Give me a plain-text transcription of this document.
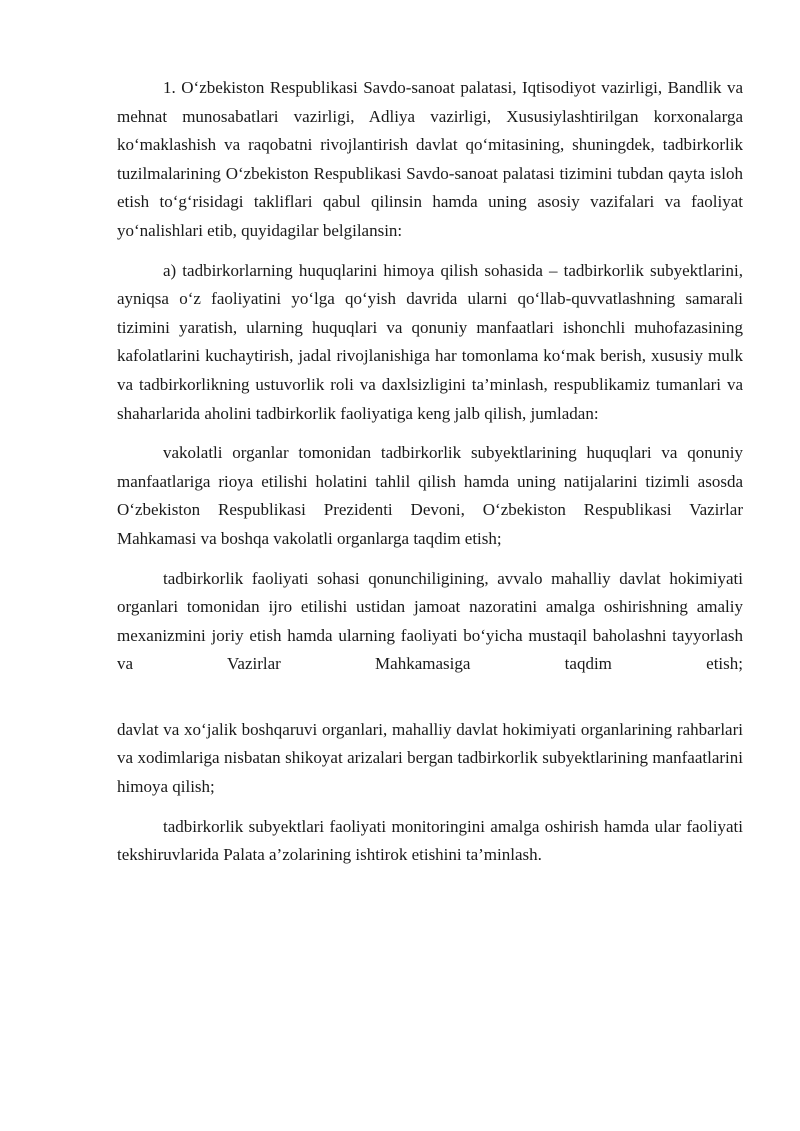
1. O‘zbekiston Respublikasi Savdo-sanoat palatasi, Iqtisodiyot vazirligi, Bandlik va mehnat munosabatlari vazirligi, Adliya vazirligi, Xususiylashtirilgan korxonalarga ko‘maklashish va raqobatni rivojlantirish davlat qo‘mitasining, shuningdek, tadbirkorlik tuzilmalarining O‘zbekiston Respublikasi Savdo-sanoat palatasi tizimini tubdan qayta isloh etish to‘g‘risidagi takliflari qabul qilinsin hamda uning asosiy vazifalari va faoliyat yo‘nalishlari etib, quyidagilar belgilansin:

a) tadbirkorlarning huquqlarini himoya qilish sohasida – tadbirkorlik subyektlarini, ayniqsa o‘z faoliyatini yo‘lga qo‘yish davrida ularni qo‘llab-quvvatlashning samarali tizimini yaratish, ularning huquqlari va qonuniy manfaatlari ishonchli muhofazasining kafolatlarini kuchaytirish, jadal rivojlanishiga har tomonlama ko‘mak berish, xususiy mulk va tadbirkorlikning ustuvorlik roli va daxlsizligini ta’minlash, respublikamiz tumanlari va shaharlarida aholini tadbirkorlik faoliyatiga keng jalb qilish, jumladan:

vakolatli organlar tomonidan tadbirkorlik subyektlarining huquqlari va qonuniy manfaatlariga rioya etilishi holatini tahlil qilish hamda uning natijalarini tizimli asosda O‘zbekiston Respublikasi Prezidenti Devoni, O‘zbekiston Respublikasi Vazirlar Mahkamasi va boshqa vakolatli organlarga taqdim etish;

tadbirkorlik faoliyati sohasi qonunchiligining, avvalo mahalliy davlat hokimiyati organlari tomonidan ijro etilishi ustidan jamoat nazoratini amalga oshirishning amaliy mexanizmini joriy etish hamda ularning faoliyati bo‘yicha mustaqil baholashni tayyorlash va Vazirlar Mahkamasiga taqdim etish;

davlat va xo‘jalik boshqaruvi organlari, mahalliy davlat hokimiyati organlarining rahbarlari va xodimlariga nisbatan shikoyat arizalari bergan tadbirkorlik subyektlarining manfaatlarini himoya qilish;

tadbirkorlik subyektlari faoliyati monitoringini amalga oshirish hamda ular faoliyati tekshiruvlarida Palata a’zolarining ishtirok etishini ta’minlash.
